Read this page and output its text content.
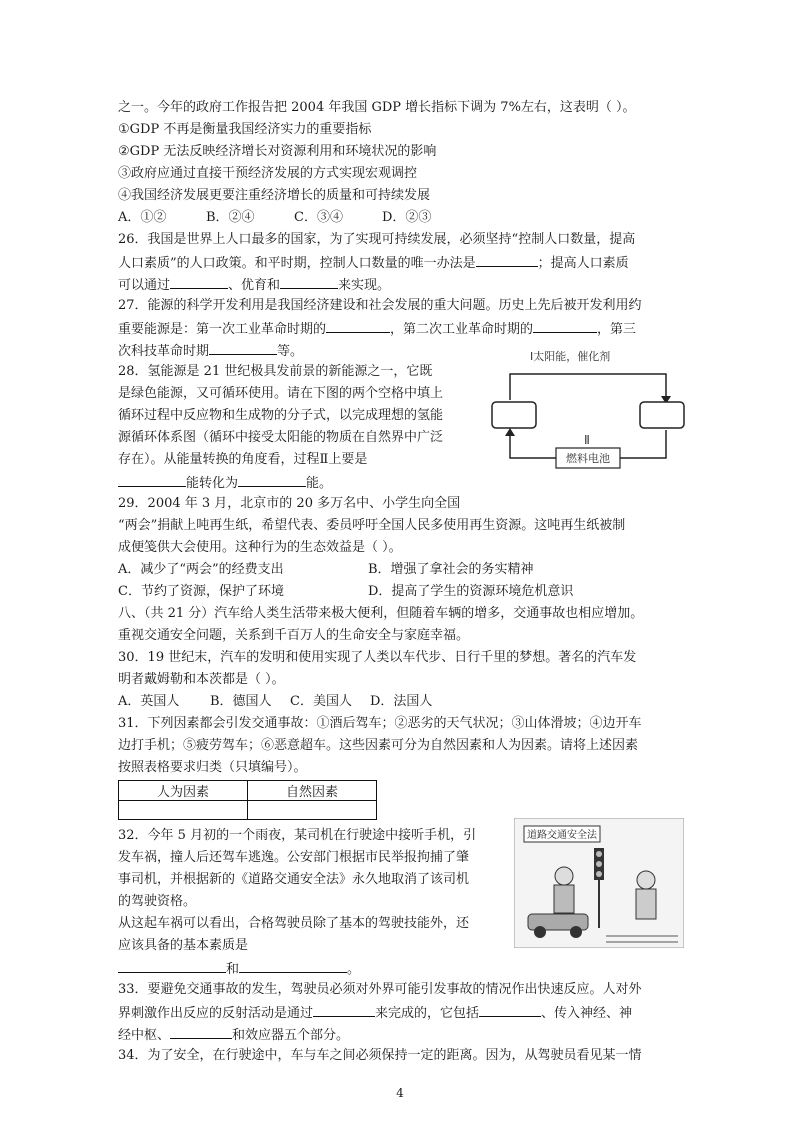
之一。今年的政府工作报告把 2004 年我国 GDP 增长指标下调为 7%左右，这表明（ ）。
①GDP 不再是衡量我国经济实力的重要指标
②GDP 无法反映经济增长对资源利用和环境状况的影响
③政府应通过直接干预经济发展的方式实现宏观调控
④我国经济发展更要注重经济增长的质量和可持续发展
A．①②	B．②④	C．③④	D．②③
26．我国是世界上人口最多的国家，为了实现可持续发展，必须坚持“控制人口数量，提高
人口素质”的人口政策。和平时期，控制人口数量的唯一办法是	；提高人口素质
可以通过	、优育和	来实现。
27．能源的科学开发利用是我国经济建设和社会发展的重大问题。历史上先后被开发利用约
重要能源是：第一次工业革命时期的	，第二次工业革命时期的	，第三
次科技革命时期	等。
28．氢能源是 21 世纪极具发前景的新能源之一，它既
是绿色能源，又可循环使用。请在下图的两个空格中填上
循环过程中反应物和生成物的分子式，以完成理想的氢能
源循环体系图（循环中接受太阳能的物质在自然界中广泛
存在）。从能量转换的角度看，过程Ⅱ上要是
能转化为	能。
Ⅰ太阳能，催化剂
Ⅱ
燃料电池
29．2004 年 3 月，北京市的 20 多万名中、小学生向全国
“两会”捐献上吨再生纸，希望代表、委员呼吁全国人民多使用再生资源。这吨再生纸被制
成便笺供大会使用。这种行为的生态效益是（ ）。
A．减少了“两会”的经费支出	B．增强了拿社会的务实精神
C．节约了资源，保护了环境	D．提高了学生的资源环境危机意识
八、（共 21 分）汽车给人类生活带来极大便利，但随着车辆的增多，交通事故也相应增加。
重视交通安全问题，关系到千百万人的生命安全与家庭幸福。
30．19 世纪末，汽车的发明和使用实现了人类以车代步、日行千里的梦想。著名的汽车发
明者戴姆勒和本茨都是（ ）。
A．英国人 B．德国人 C．美国人 D．法国人
31．下列因素都会引发交通事故：①酒后驾车；②恶劣的天气状况；③山体滑坡；④边开车
边打手机；⑤疲劳驾车；⑥恶意超车。这些因素可分为自然因素和人为因素。请将上述因素
按照表格要求归类（只填编号）。
人为因素	自然因素

32．今年 5 月初的一个雨夜，某司机在行驶途中接听手机，引
发车祸，撞人后还驾车逃逸。公安部门根据市民举报拘捕了肇
事司机，并根据新的《道路交通安全法》永久地取消了该司机
的驾驶资格。
从这起车祸可以看出，合格驾驶员除了基本的驾驶技能外，还
应该具备的基本素质是
和	。
道路交通安全法
33．要避免交通事故的发生，驾驶员必须对外界可能引发事故的情况作出快速反应。人对外
界刺激作出反应的反射活动是通过	来完成的，它包括	、传入神经、神
经中枢、	和效应器五个部分。
34．为了安全，在行驶途中，车与车之间必须保持一定的距离。因为，从驾驶员看见某一情
4
